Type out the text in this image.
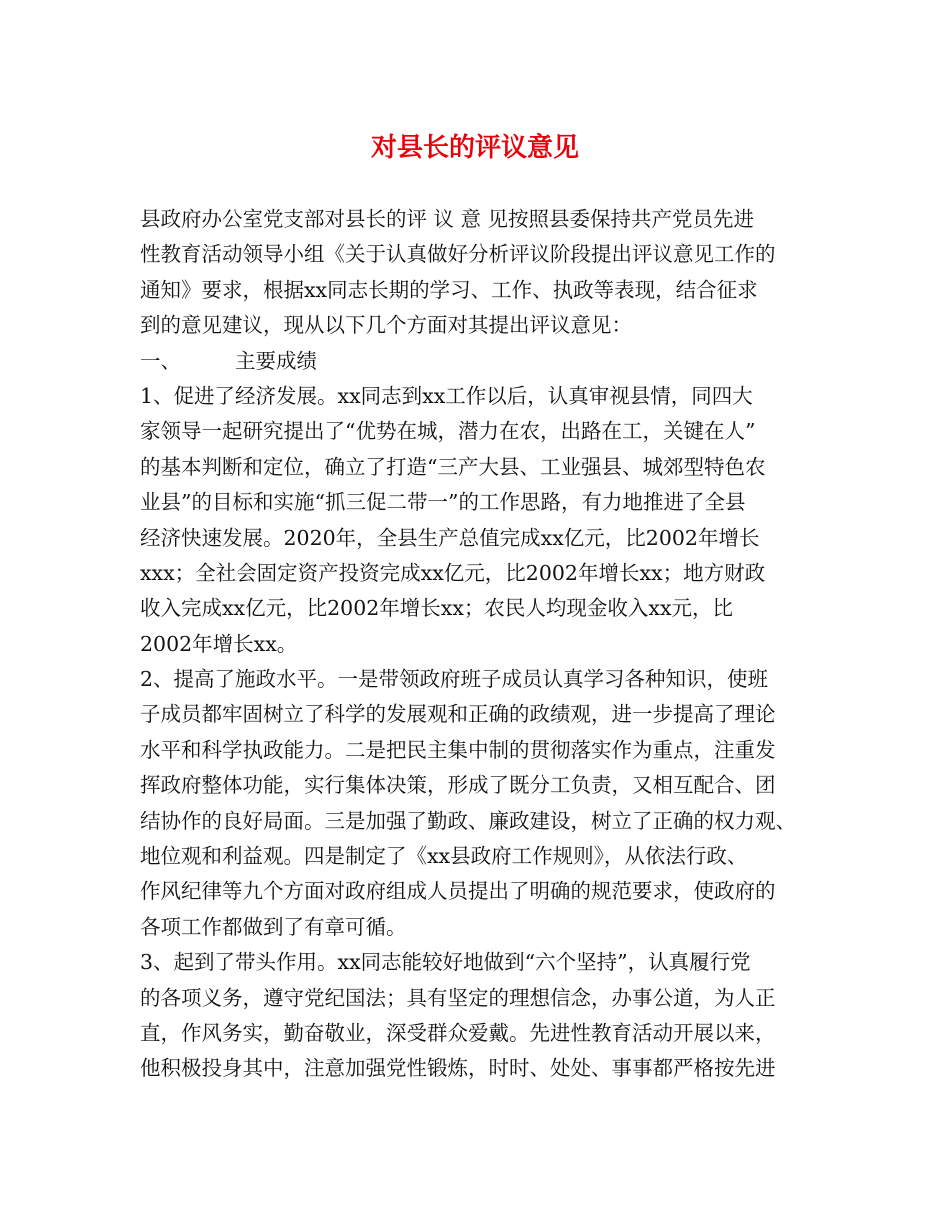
对县长的评议意见
县政府办公室党支部对县长的评 议 意 见按照县委保持共产党员先进
性教育活动领导小组《关于认真做好分析评议阶段提出评议意见工作的
通知》要求，根据xx同志长期的学习、工作、执政等表现，结合征求
到的意见建议，现从以下几个方面对其提出评议意见：
一、	主要成绩
1、促进了经济发展。xx同志到xx工作以后，认真审视县情，同四大
家领导一起研究提出了“优势在城，潜力在农，出路在工，关键在人”
的基本判断和定位，确立了打造“三产大县、工业强县、城郊型特色农
业县”的目标和实施“抓三促二带一”的工作思路，有力地推进了全县
经济快速发展。2020年，全县生产总值完成xx亿元，比2002年增长
xxx；全社会固定资产投资完成xx亿元，比2002年增长xx；地方财政
收入完成xx亿元，比2002年增长xx；农民人均现金收入xx元，比
2002年增长xx。
2、提高了施政水平。一是带领政府班子成员认真学习各种知识，使班
子成员都牢固树立了科学的发展观和正确的政绩观，进一步提高了理论
水平和科学执政能力。二是把民主集中制的贯彻落实作为重点，注重发
挥政府整体功能，实行集体决策，形成了既分工负责，又相互配合、团
结协作的良好局面。三是加强了勤政、廉政建设，树立了正确的权力观、
地位观和利益观。四是制定了《xx县政府工作规则》，从依法行政、
作风纪律等九个方面对政府组成人员提出了明确的规范要求，使政府的
各项工作都做到了有章可循。
3、起到了带头作用。xx同志能较好地做到“六个坚持”，认真履行党
的各项义务，遵守党纪国法；具有坚定的理想信念，办事公道，为人正
直，作风务实，勤奋敬业，深受群众爱戴。先进性教育活动开展以来，
他积极投身其中，注意加强党性锻炼，时时、处处、事事都严格按先进
